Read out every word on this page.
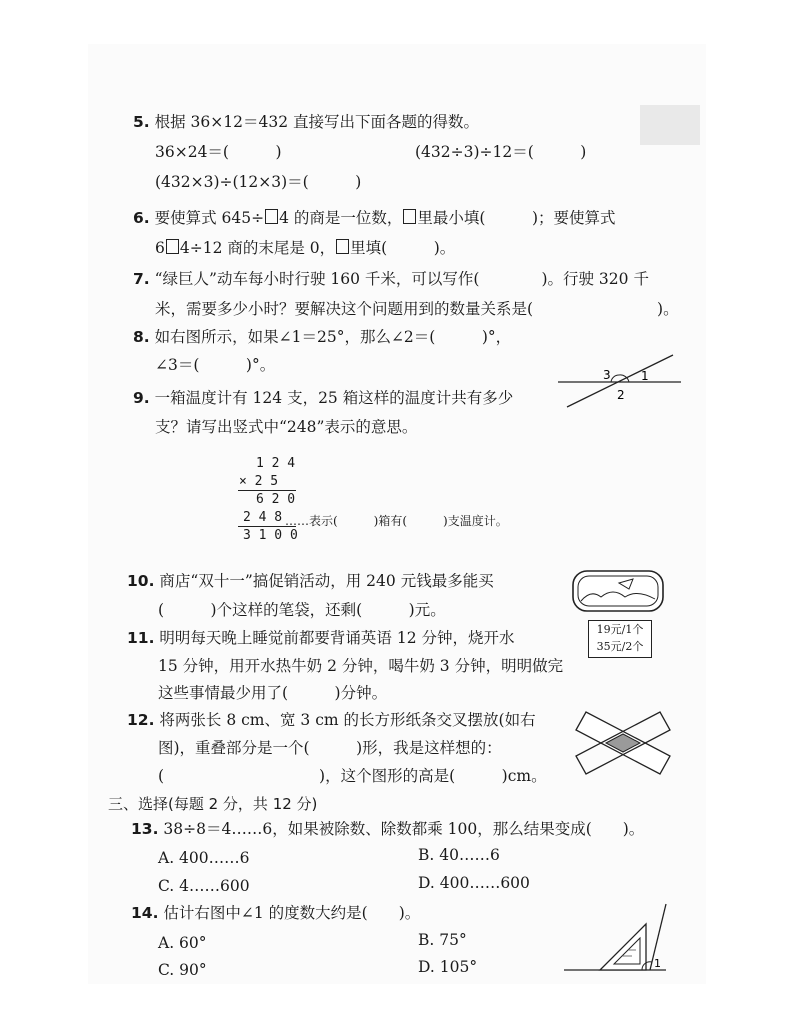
5. 根据 36×12＝432 直接写出下面各题的得数。
36×24＝(　　　)	(432÷3)÷12＝(　　　)
(432×3)÷(12×3)＝(　　　)
6. 要使算式 645÷ 4 的商是一位数， 里最小填(　　　)；要使算式
6 4÷12 商的末尾是 0， 里填(　　　)。
7. “绿巨人”动车每小时行驶 160 千米，可以写作(　　　　)。行驶 320 千
米，需要多少小时？要解决这个问题用到的数量关系是(　　　　　　　　)。
8. 如右图所示，如果∠1＝25°，那么∠2＝(　　　)°，
∠3＝(　　　)°。
3	1
2
9. 一箱温度计有 124 支，25 箱这样的温度计共有多少
支？请写出竖式中“248”表示的意思。
1 2 4
× 2 5
6 2 0
2 4 8 ……表示(　　　)箱有(　　　)支温度计。
3 1 0 0
10. 商店“双十一”搞促销活动，用 240 元钱最多能买
(　　　)个这样的笔袋，还剩(　　　)元。
19元/1个
35元/2个
11. 明明每天晚上睡觉前都要背诵英语 12 分钟，烧开水
15 分钟，用开水热牛奶 2 分钟，喝牛奶 3 分钟，明明做完
这些事情最少用了(　　　)分钟。
12. 将两张长 8 cm、宽 3 cm 的长方形纸条交叉摆放(如右
图)，重叠部分是一个(　　　)形，我是这样想的：
(　　　　　　　　　　)，这个图形的高是(　　　)cm。
三、选择(每题 2 分，共 12 分)
13. 38÷8＝4……6，如果被除数、除数都乘 100，那么结果变成(　　)。
A. 400……6	B. 40……6
C. 4……600	D. 400……600
14. 估计右图中∠1 的度数大约是(　　)。
A. 60°	B. 75°
C. 90°	D. 105°	1
